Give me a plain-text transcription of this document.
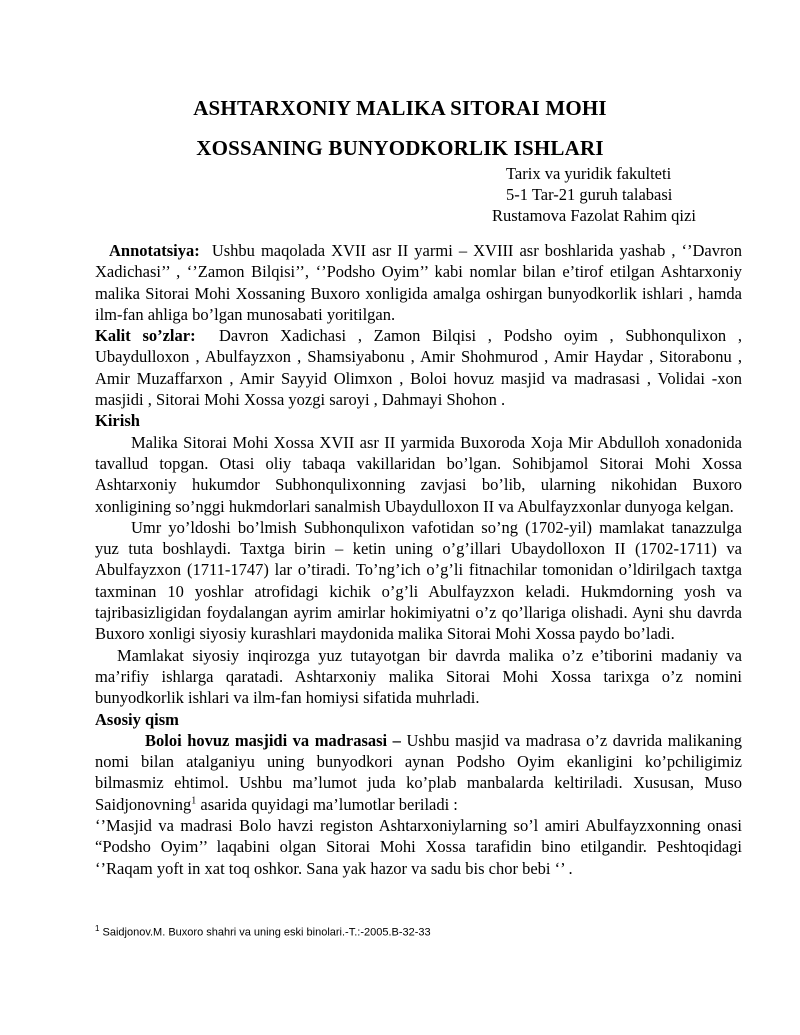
ASHTARXONIY MALIKA SITORAI MOHI
XOSSANING BUNYODKORLIK ISHLARI
Tarix va yuridik fakulteti
5-1 Tar-21 guruh talabasi
Rustamova Fazolat Rahim qizi

Annotatsiya: Ushbu maqolada XVII asr II yarmi – XVIII asr boshlarida yashab , ‘’Davron Xadichasi’’ , ‘’Zamon Bilqisi’’, ‘’Podsho Oyim’’ kabi nomlar bilan e’tirof etilgan Ashtarxoniy malika Sitorai Mohi Xossaning Buxoro xonligida amalga oshirgan bunyodkorlik ishlari , hamda ilm-fan ahliga bo’lgan munosabati yoritilgan.

Kalit so’zlar: Davron Xadichasi , Zamon Bilqisi , Podsho oyim , Subhonqulixon , Ubaydulloxon , Abulfayzxon , Shamsiyabonu , Amir Shohmurod , Amir Haydar , Sitorabonu , Amir Muzaffarxon , Amir Sayyid Olimxon , Boloi hovuz masjid va madrasasi , Volidai -xon masjidi , Sitorai Mohi Xossa yozgi saroyi , Dahmayi Shohon .

Kirish

Malika Sitorai Mohi Xossa XVII asr II yarmida Buxoroda Xoja Mir Abdulloh xonadonida tavallud topgan. Otasi oliy tabaqa vakillaridan bo’lgan. Sohibjamol Sitorai Mohi Xossa Ashtarxoniy hukumdor Subhonqulixonning zavjasi bo’lib, ularning nikohidan Buxoro xonligining so’nggi hukmdorlari sanalmish Ubaydulloxon II va Abulfayzxonlar dunyoga kelgan.

Umr yo’ldoshi bo’lmish Subhonqulixon vafotidan so’ng (1702-yil) mamlakat tanazzulga yuz tuta boshlaydi. Taxtga birin – ketin uning o’g’illari Ubaydolloxon II (1702-1711) va Abulfayzxon (1711-1747) lar o’tiradi. To’ng’ich o’g’li fitnachilar tomonidan o’ldirilgach taxtga taxminan 10 yoshlar atrofidagi kichik o’g’li Abulfayzxon keladi. Hukmdorning yosh va tajribasizligidan foydalangan ayrim amirlar hokimiyatni o’z qo’llariga olishadi. Ayni shu davrda Buxoro xonligi siyosiy kurashlari maydonida malika Sitorai Mohi Xossa paydo bo’ladi.

Mamlakat siyosiy inqirozga yuz tutayotgan bir davrda malika o’z e’tiborini madaniy va ma’rifiy ishlarga qaratadi. Ashtarxoniy malika Sitorai Mohi Xossa tarixga o’z nomini bunyodkorlik ishlari va ilm-fan homiysi sifatida muhrladi.

Asosiy qism

Boloi hovuz masjidi va madrasasi – Ushbu masjid va madrasa o’z davrida malikaning nomi bilan atalganiyu uning bunyodkori aynan Podsho Oyim ekanligini ko’pchiligimiz bilmasmiz ehtimol. Ushbu ma’lumot juda ko’plab manbalarda keltiriladi. Xususan, Muso Saidjonovning$^1$ asarida quyidagi ma’lumotlar beriladi :

‘’Masjid va madrasi Bolo havzi registon Ashtarxoniylarning so’l amiri Abulfayzxonning onasi “Podsho Oyim’’ laqabini olgan Sitorai Mohi Xossa tarafidin bino etilgandir. Peshtoqidagi ‘’Raqam yoft in xat toq oshkor. Sana yak hazor va sadu bis chor bebi ‘’ .

$^1$ Saidjonov.M. Buxoro shahri va uning eski binolari.-T.:-2005.B-32-33
